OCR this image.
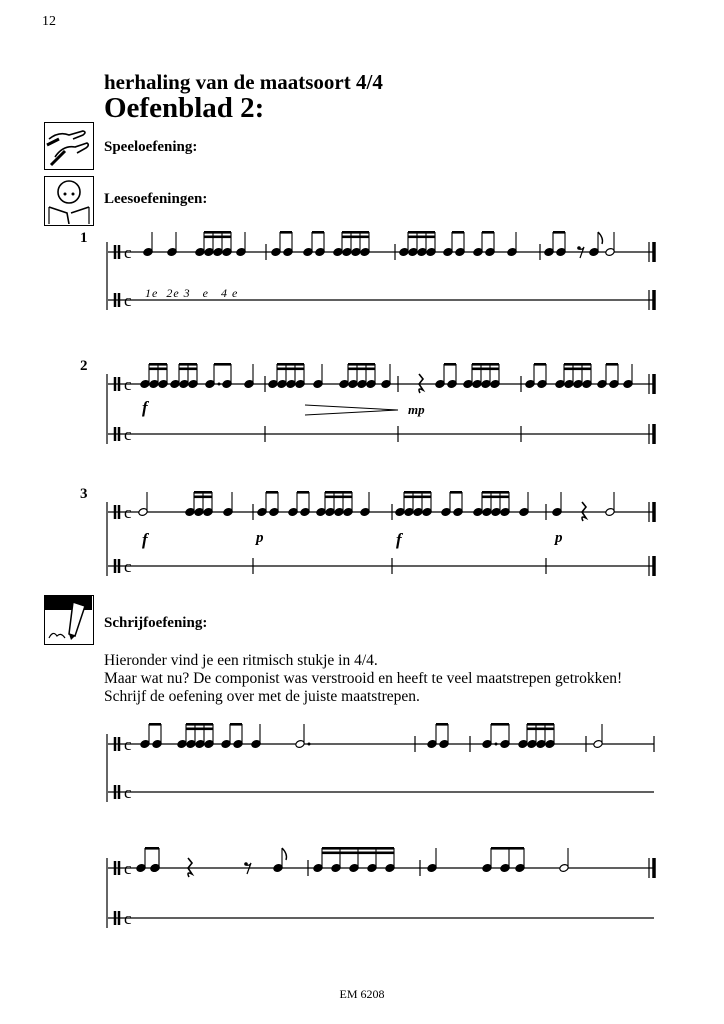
12
herhaling van de maatsoort 4/4
Oefenblad 2:
Speeloefening:
Leesoefeningen:
Schrijfoefening:
1
2
3
1e  2e 3   e   4 e
f	mp
f	p	f	p
Hieronder vind je een ritmisch stukje in 4/4.
Maar wat nu? De componist was verstrooid en heeft te veel maatstrepen getrokken!
Schrijf de oefening over met de juiste maatstrepen.
EM 6208
c
c
c
c
c
c
c
c
c
c
